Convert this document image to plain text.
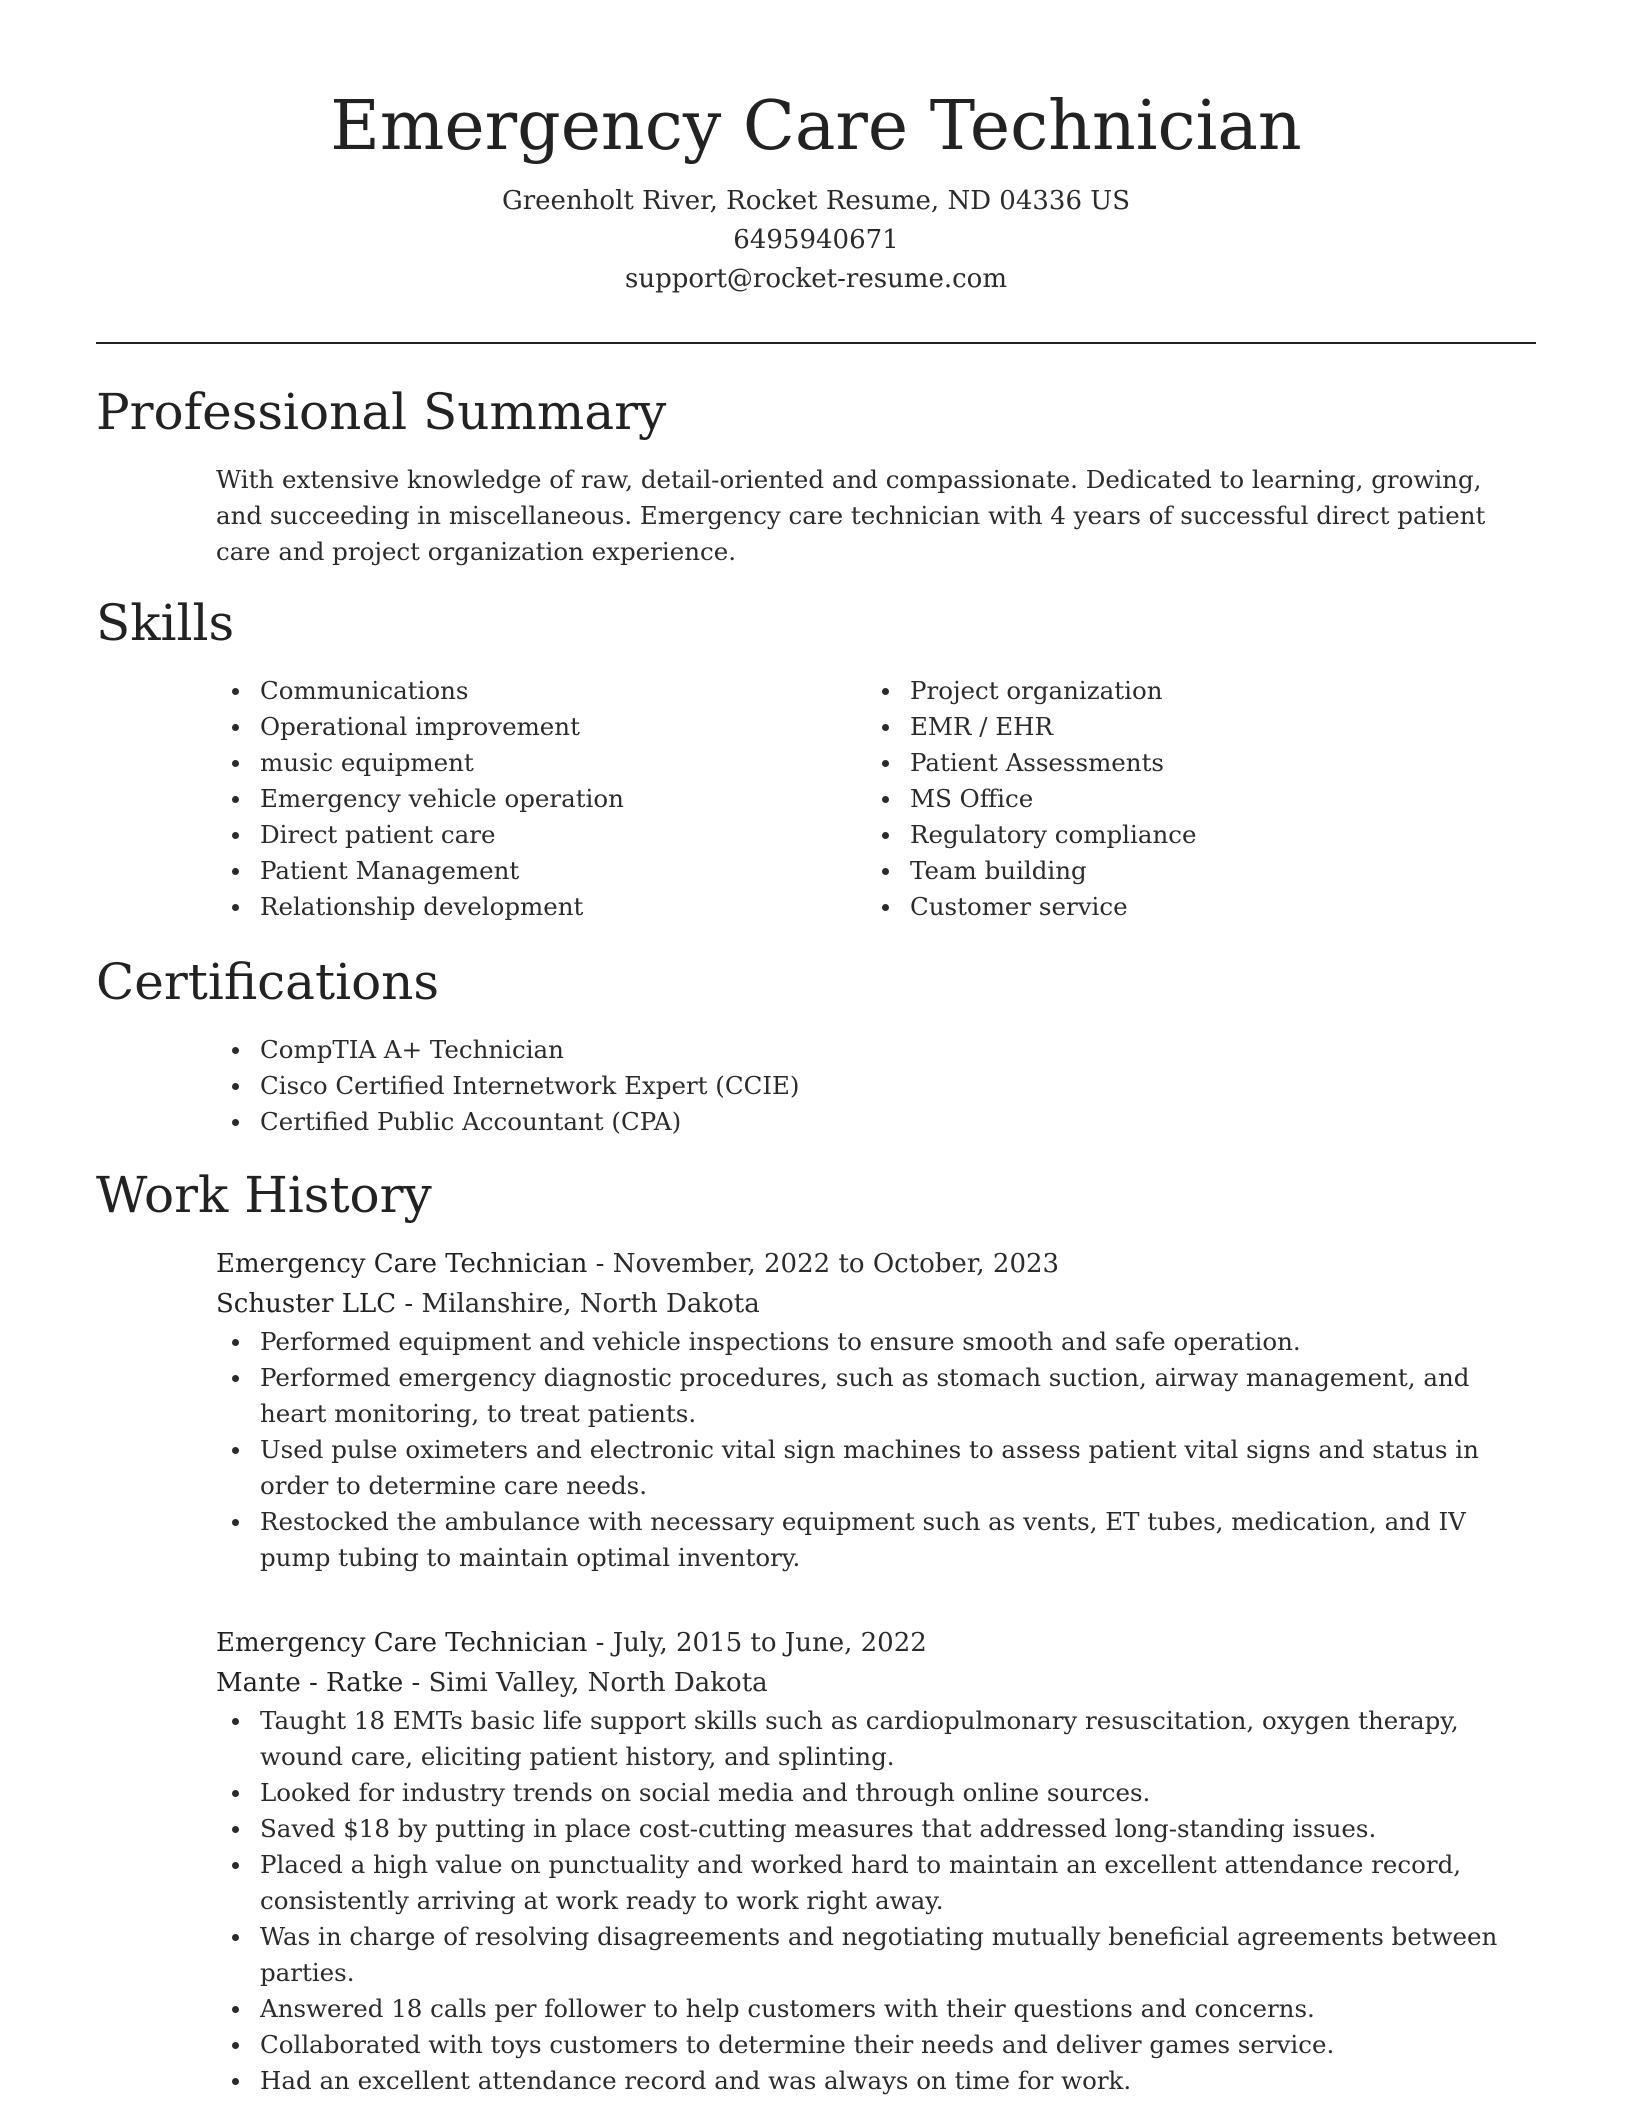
Emergency Care Technician

Greenholt River, Rocket Resume, ND 04336 US

6495940671

support@rocket-resume.com

Professional Summary

With extensive knowledge of raw, detail-oriented and compassionate. Dedicated to learning, growing, and succeeding in miscellaneous. Emergency care technician with 4 years of successful direct patient care and project organization experience.

Skills
Communications
Operational improvement
music equipment
Emergency vehicle operation
Direct patient care
Patient Management
Relationship development
Project organization
EMR / EHR
Patient Assessments
MS Office
Regulatory compliance
Team building
Customer service
Certifications
CompTIA A+ Technician
Cisco Certified Internetwork Expert (CCIE)
Certified Public Accountant (CPA)
Work History

Emergency Care Technician - November, 2022 to October, 2023

Schuster LLC - Milanshire, North Dakota

Performed equipment and vehicle inspections to ensure smooth and safe operation.
Performed emergency diagnostic procedures, such as stomach suction, airway management, and heart monitoring, to treat patients.
Used pulse oximeters and electronic vital sign machines to assess patient vital signs and status in order to determine care needs.
Restocked the ambulance with necessary equipment such as vents, ET tubes, medication, and IV pump tubing to maintain optimal inventory.

Emergency Care Technician - July, 2015 to June, 2022

Mante - Ratke - Simi Valley, North Dakota

Taught 18 EMTs basic life support skills such as cardiopulmonary resuscitation, oxygen therapy, wound care, eliciting patient history, and splinting.
Looked for industry trends on social media and through online sources.
Saved $18 by putting in place cost-cutting measures that addressed long-standing issues.
Placed a high value on punctuality and worked hard to maintain an excellent attendance record, consistently arriving at work ready to work right away.
Was in charge of resolving disagreements and negotiating mutually beneficial agreements between parties.
Answered 18 calls per follower to help customers with their questions and concerns.
Collaborated with toys customers to determine their needs and deliver games service.
Had an excellent attendance record and was always on time for work.
